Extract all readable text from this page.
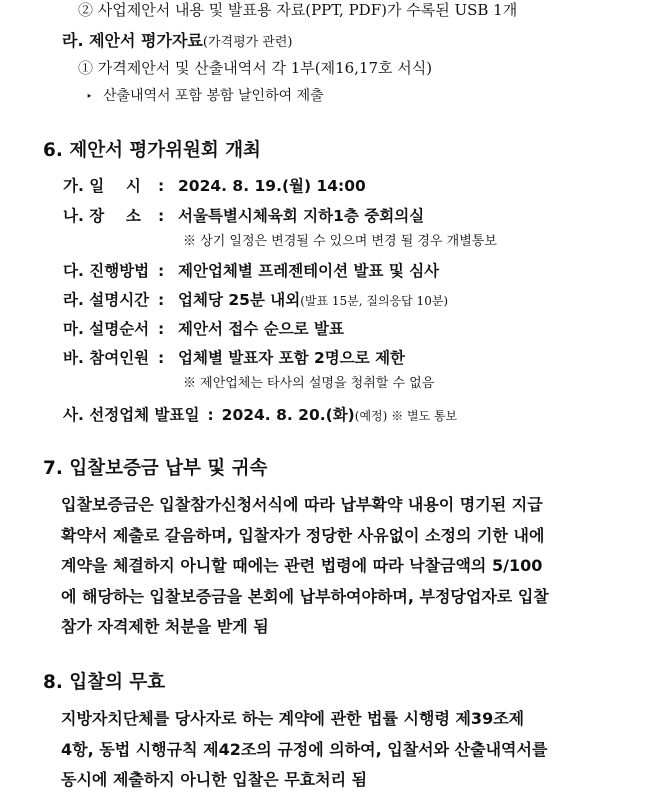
② 사업제안서 내용 및 발표용 자료(PPT, PDF)가 수록된 USB 1개
라. 제안서 평가자료(가격평가 관련)
① 가격제안서 및 산출내역서 각 1부(제16,17호 서식)
‣ 산출내역서 포함 봉함 날인하여 제출
6. 제안서 평가위원회 개최
가. 일    시 : 2024. 8. 19.(월) 14:00
나. 장    소 : 서울특별시체육회 지하1층 중회의실
※ 상기 일정은 변경될 수 있으며 변경 될 경우 개별통보
다. 진행방법 : 제안업체별 프레젠테이션 발표 및 심사
라. 설명시간 : 업체당 25분 내외(발표 15분, 질의응답 10분)
마. 설명순서 : 제안서 접수 순으로 발표
바. 참여인원 : 업체별 발표자 포함 2명으로 제한
※ 제안업체는 타사의 설명을 청취할 수 없음
사. 선정업체 발표일 : 2024. 8. 20.(화)(예정) ※ 별도 통보
7. 입찰보증금 납부 및 귀속
입찰보증금은 입찰참가신청서식에 따라 납부확약 내용이 명기된 지급
확약서 제출로 갈음하며, 입찰자가 정당한 사유없이 소정의 기한 내에
계약을 체결하지 아니할 때에는 관련 법령에 따라 낙찰금액의 5/100
에 해당하는 입찰보증금을 본회에 납부하여야하며, 부정당업자로 입찰
참가 자격제한 처분을 받게 됨
8. 입찰의 무효
지방자치단체를 당사자로 하는 계약에 관한 법률 시행령 제39조제
4항, 동법 시행규칙 제42조의 규정에 의하여, 입찰서와 산출내역서를
동시에 제출하지 아니한 입찰은 무효처리 됨
